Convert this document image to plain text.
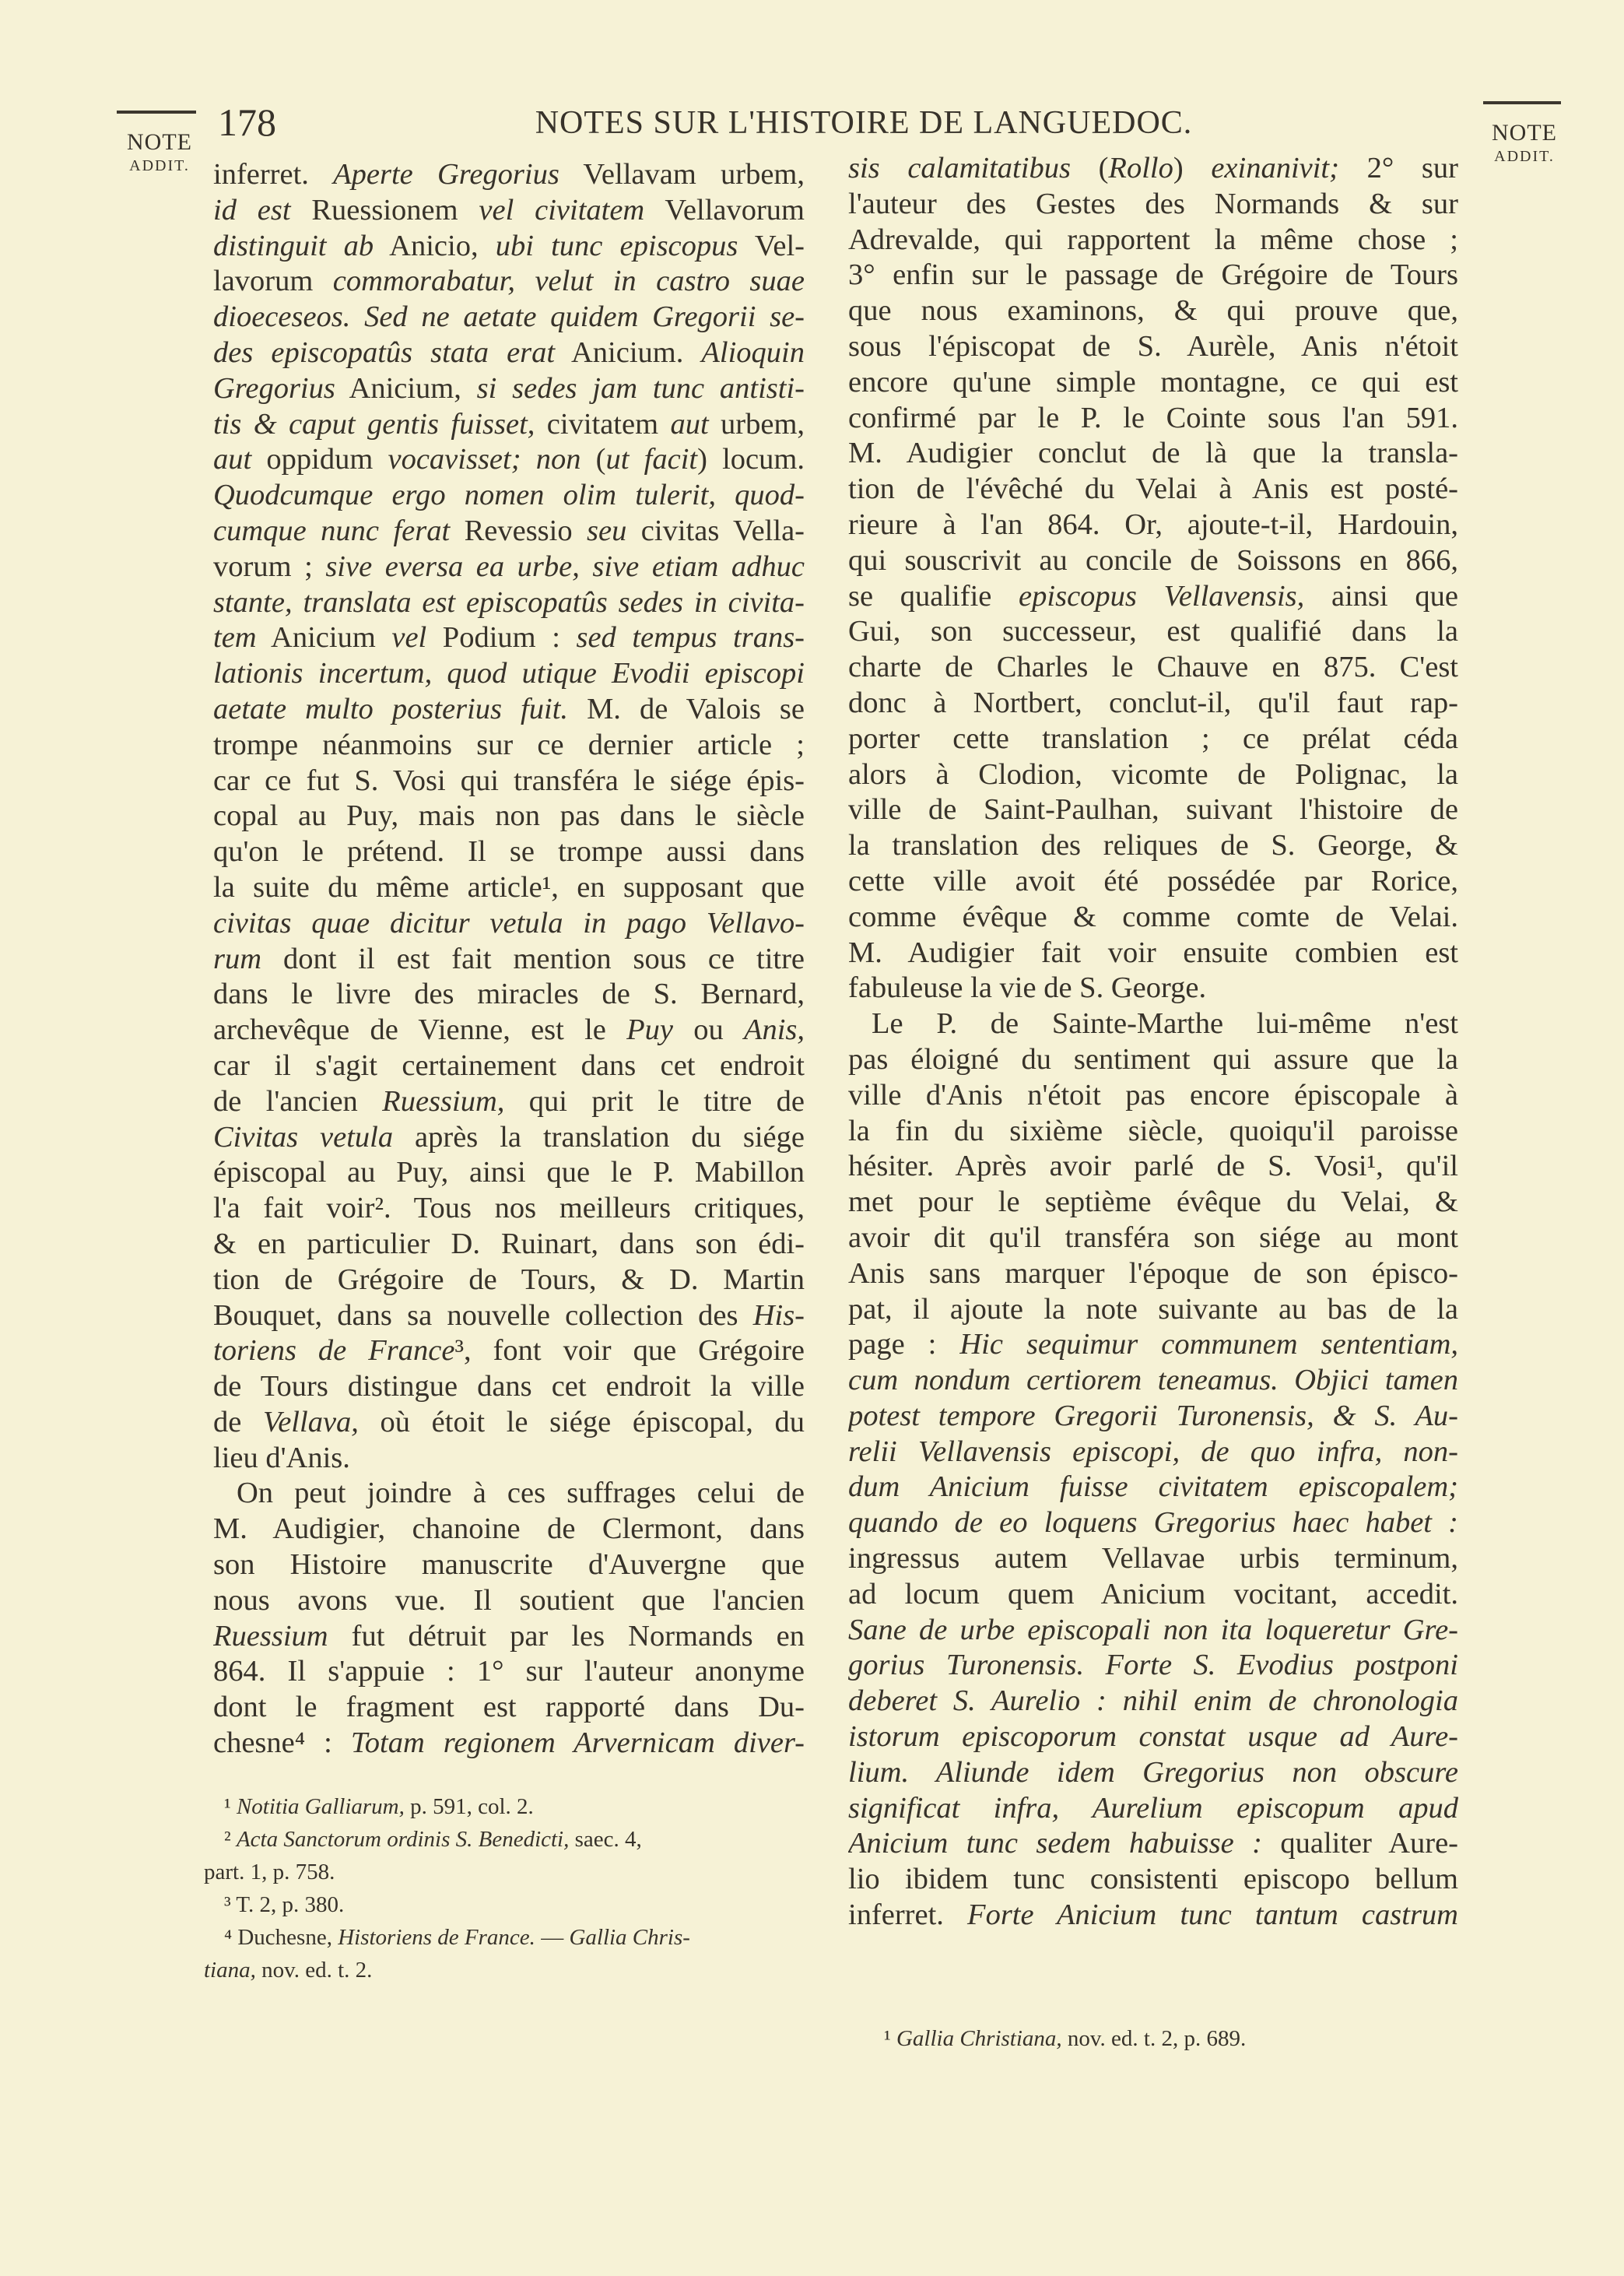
NOTE
ADDIT.
NOTE
ADDIT.
178	NOTES SUR L'HISTOIRE DE LANGUEDOC.
inferret. Aperte Gregorius Vellavam urbem,
id est Ruessionem vel civitatem Vellavorum
distinguit ab Anicio, ubi tunc episcopus Vel-
lavorum commorabatur, velut in castro suae
dioeceseos. Sed ne aetate quidem Gregorii se-
des episcopatûs stata erat Anicium. Alioquin
Gregorius Anicium, si sedes jam tunc antisti-
tis & caput gentis fuisset, civitatem aut urbem,
aut oppidum vocavisset; non (ut facit) locum.
Quodcumque ergo nomen olim tulerit, quod-
cumque nunc ferat Revessio seu civitas Vella-
vorum ; sive eversa ea urbe, sive etiam adhuc
stante, translata est episcopatûs sedes in civita-
tem Anicium vel Podium : sed tempus trans-
lationis incertum, quod utique Evodii episcopi
aetate multo posterius fuit. M. de Valois se
trompe néanmoins sur ce dernier article ;
car ce fut S. Vosi qui transféra le siége épis-
copal au Puy, mais non pas dans le siècle
qu'on le prétend. Il se trompe aussi dans
la suite du même article¹, en supposant que
civitas quae dicitur vetula in pago Vellavo-
rum dont il est fait mention sous ce titre
dans le livre des miracles de S. Bernard,
archevêque de Vienne, est le Puy ou Anis,
car il s'agit certainement dans cet endroit
de l'ancien Ruessium, qui prit le titre de
Civitas vetula après la translation du siége
épiscopal au Puy, ainsi que le P. Mabillon
l'a fait voir². Tous nos meilleurs critiques,
& en particulier D. Ruinart, dans son édi-
tion de Grégoire de Tours, & D. Martin
Bouquet, dans sa nouvelle collection des His-
toriens de France³, font voir que Grégoire
de Tours distingue dans cet endroit la ville
de Vellava, où étoit le siége épiscopal, du
lieu d'Anis.
On peut joindre à ces suffrages celui de
M. Audigier, chanoine de Clermont, dans
son Histoire manuscrite d'Auvergne que
nous avons vue. Il soutient que l'ancien
Ruessium fut détruit par les Normands en
864. Il s'appuie : 1° sur l'auteur anonyme
dont le fragment est rapporté dans Du-
chesne⁴ : Totam regionem Arvernicam diver-
sis calamitatibus (Rollo) exinanivit; 2° sur
l'auteur des Gestes des Normands & sur
Adrevalde, qui rapportent la même chose ;
3° enfin sur le passage de Grégoire de Tours
que nous examinons, & qui prouve que,
sous l'épiscopat de S. Aurèle, Anis n'étoit
encore qu'une simple montagne, ce qui est
confirmé par le P. le Cointe sous l'an 591.
M. Audigier conclut de là que la transla-
tion de l'évêché du Velai à Anis est posté-
rieure à l'an 864. Or, ajoute-t-il, Hardouin,
qui souscrivit au concile de Soissons en 866,
se qualifie episcopus Vellavensis, ainsi que
Gui, son successeur, est qualifié dans la
charte de Charles le Chauve en 875. C'est
donc à Nortbert, conclut-il, qu'il faut rap-
porter cette translation ; ce prélat céda
alors à Clodion, vicomte de Polignac, la
ville de Saint-Paulhan, suivant l'histoire de
la translation des reliques de S. George, &
cette ville avoit été possédée par Rorice,
comme évêque & comme comte de Velai.
M. Audigier fait voir ensuite combien est
fabuleuse la vie de S. George.
Le P. de Sainte-Marthe lui-même n'est
pas éloigné du sentiment qui assure que la
ville d'Anis n'étoit pas encore épiscopale à
la fin du sixième siècle, quoiqu'il paroisse
hésiter. Après avoir parlé de S. Vosi¹, qu'il
met pour le septième évêque du Velai, &
avoir dit qu'il transféra son siége au mont
Anis sans marquer l'époque de son épisco-
pat, il ajoute la note suivante au bas de la
page : Hic sequimur communem sententiam,
cum nondum certiorem teneamus. Objici tamen
potest tempore Gregorii Turonensis, & S. Au-
relii Vellavensis episcopi, de quo infra, non-
dum Anicium fuisse civitatem episcopalem;
quando de eo loquens Gregorius haec habet :
ingressus autem Vellavae urbis terminum,
ad locum quem Anicium vocitant, accedit.
Sane de urbe episcopali non ita loqueretur Gre-
gorius Turonensis. Forte S. Evodius postponi
deberet S. Aurelio : nihil enim de chronologia
istorum episcoporum constat usque ad Aure-
lium. Aliunde idem Gregorius non obscure
significat infra, Aurelium episcopum apud
Anicium tunc sedem habuisse : qualiter Aure-
lio ibidem tunc consistenti episcopo bellum
inferret. Forte Anicium tunc tantum castrum
¹ Notitia Galliarum, p. 591, col. 2.
² Acta Sanctorum ordinis S. Benedicti, saec. 4,
part. 1, p. 758.
³ T. 2, p. 380.
⁴ Duchesne, Historiens de France. — Gallia Chris-
tiana, nov. ed. t. 2.
¹ Gallia Christiana, nov. ed. t. 2, p. 689.
